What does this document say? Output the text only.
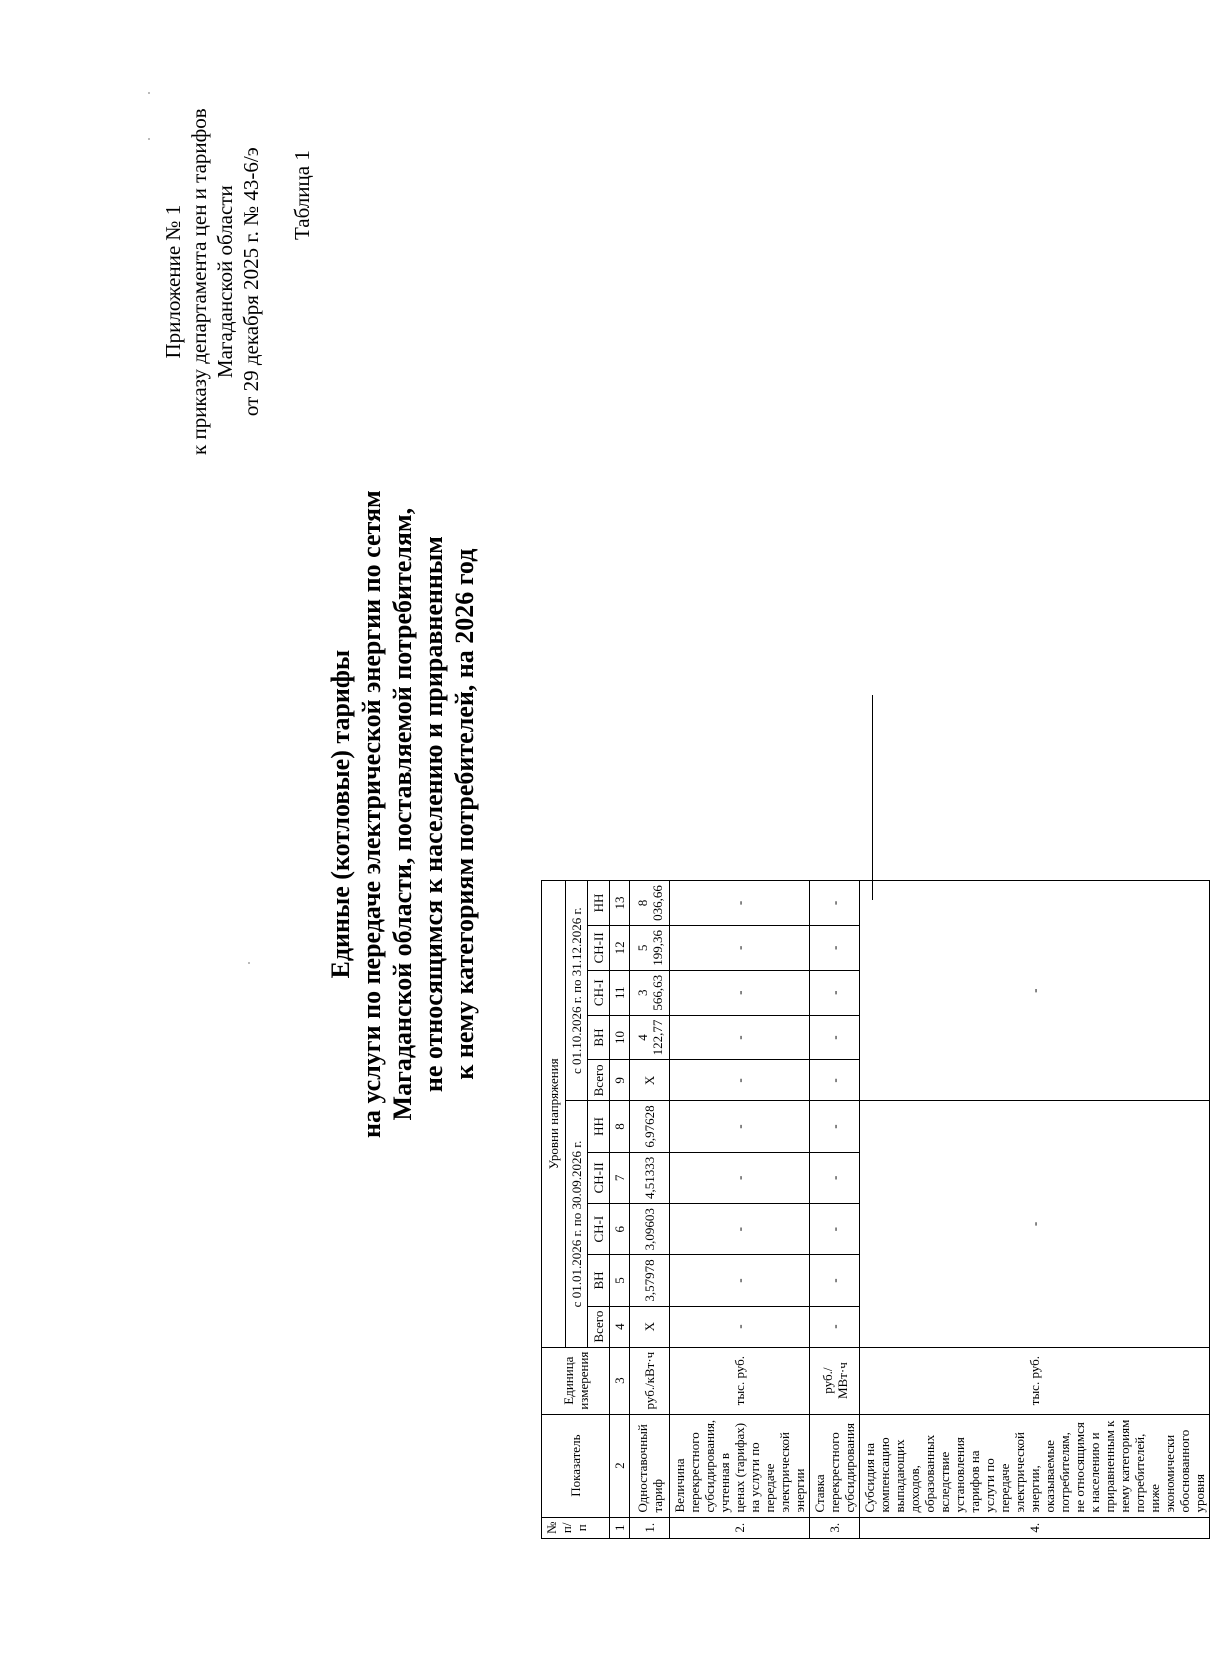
Приложение № 1 к приказу департамента цен и тарифов Магаданской области от 29 декабря 2025 г. № 43-6/э Таблица 1
Единые (котловые) тарифы на услуги по передаче электрической энергии по сетям Магаданской области, поставляемой потребителям, не относящимся к населению и приравненным к нему категориям потребителей, на 2026 год
№ п/п	Показатель	Единица измерения	Уровни напряжения									
			с 01.01.2026 г. по 30.09.2026 г.					с 01.10.2026 г. по 31.12.2026 г.				
			Всего	ВН	СН-I	СН-II	НН	Всего	ВН	СН-I	СН-II	НН
1	2	3	4	5	6	7	8	9	10	11	12	13
1.	Одноставочный тариф	руб./кВт·ч	X	3,57978	3,09603	4,51333	6,97628	X	4 122,77	3 566,63	5 199,36	8 036,66
2.	Величина перекрестного субсидирования, учтенная в ценах (тарифах) на услуги по передаче электрической энергии	тыс. руб.	-	-	-	-	-	-	-	-	-	-
3.	Ставка перекрестного субсидирования	руб./МВт·ч	-	-	-	-	-	-	-	-	-	-
4.	Субсидия на компенсацию выпадающих доходов, образованных вследствие установления тарифов на услуги по передаче электрической энергии, оказываемые потребителям, не относящимся к населению и приравненным к нему категориям потребителей, ниже экономически обоснованного уровня	тыс. руб.	-					-				
